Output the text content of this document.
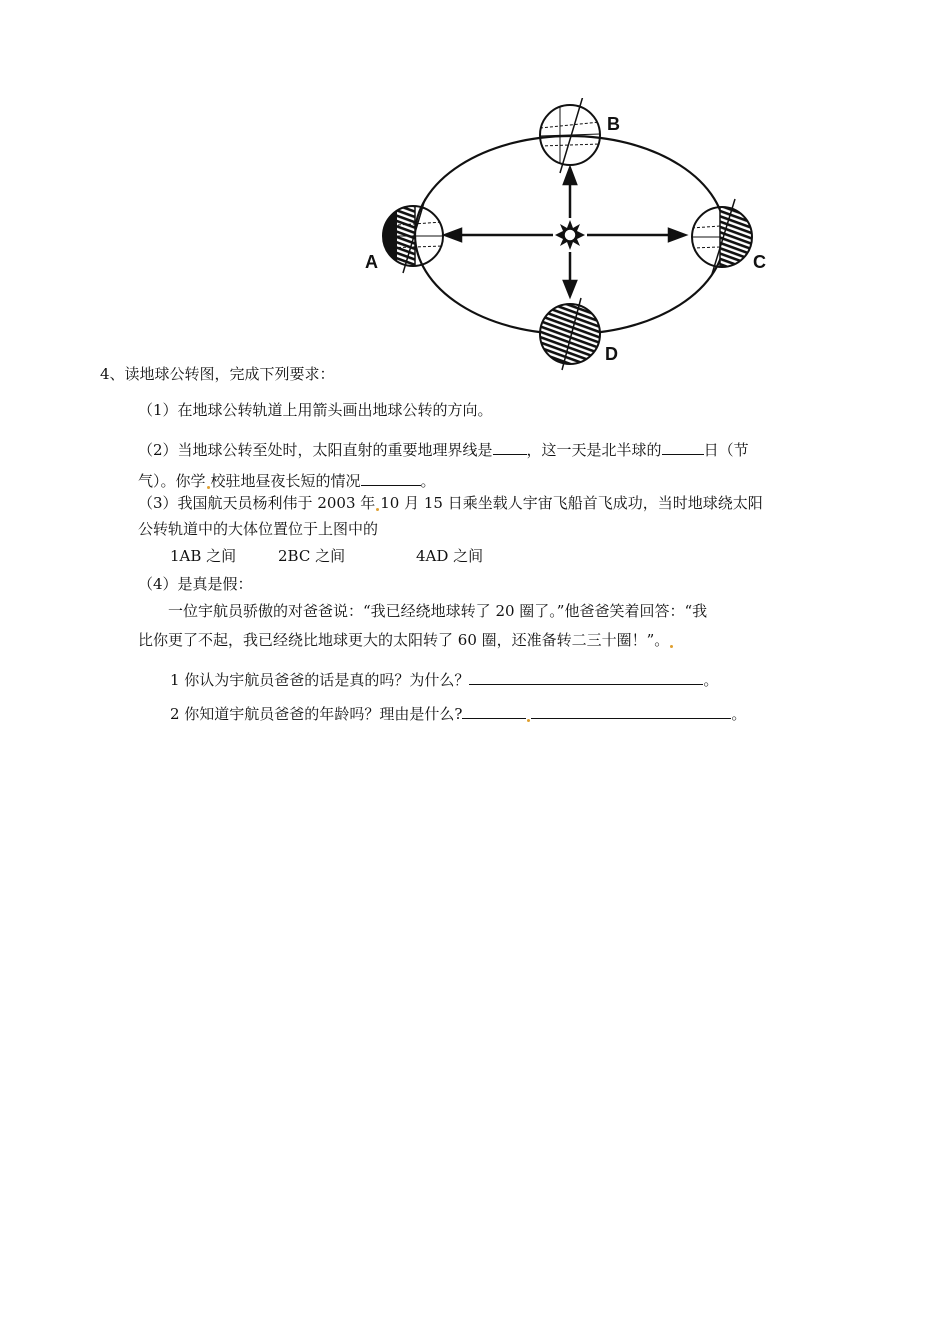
A
B
C
D
4、读地球公转图，完成下列要求：
（1）在地球公转轨道上用箭头画出地球公转的方向。
（2）当地球公转至处时，太阳直射的重要地理界线是 ，这一天是北半球的	日（节
气）。你学 校驻地昼夜长短的情况	。
（3）我国航天员杨利伟于 2003 年 10 月 15 日乘坐载人宇宙飞船首飞成功，当时地球绕太阳
公转轨道中的大体位置位于上图中的
1AB 之间	2BC 之间	4AD 之间
（4）是真是假：
一位宇航员骄傲的对爸爸说：“我已经绕地球转了 20 圈了。”他爸爸笑着回答：“我
比你更了不起，我已经绕比地球更大的太阳转了 60 圈，还准备转二三十圈！”。
1 你认为宇航员爸爸的话是真的吗？为什么？	。
2 你知道宇航员爸爸的年龄吗？理由是什么?	。
